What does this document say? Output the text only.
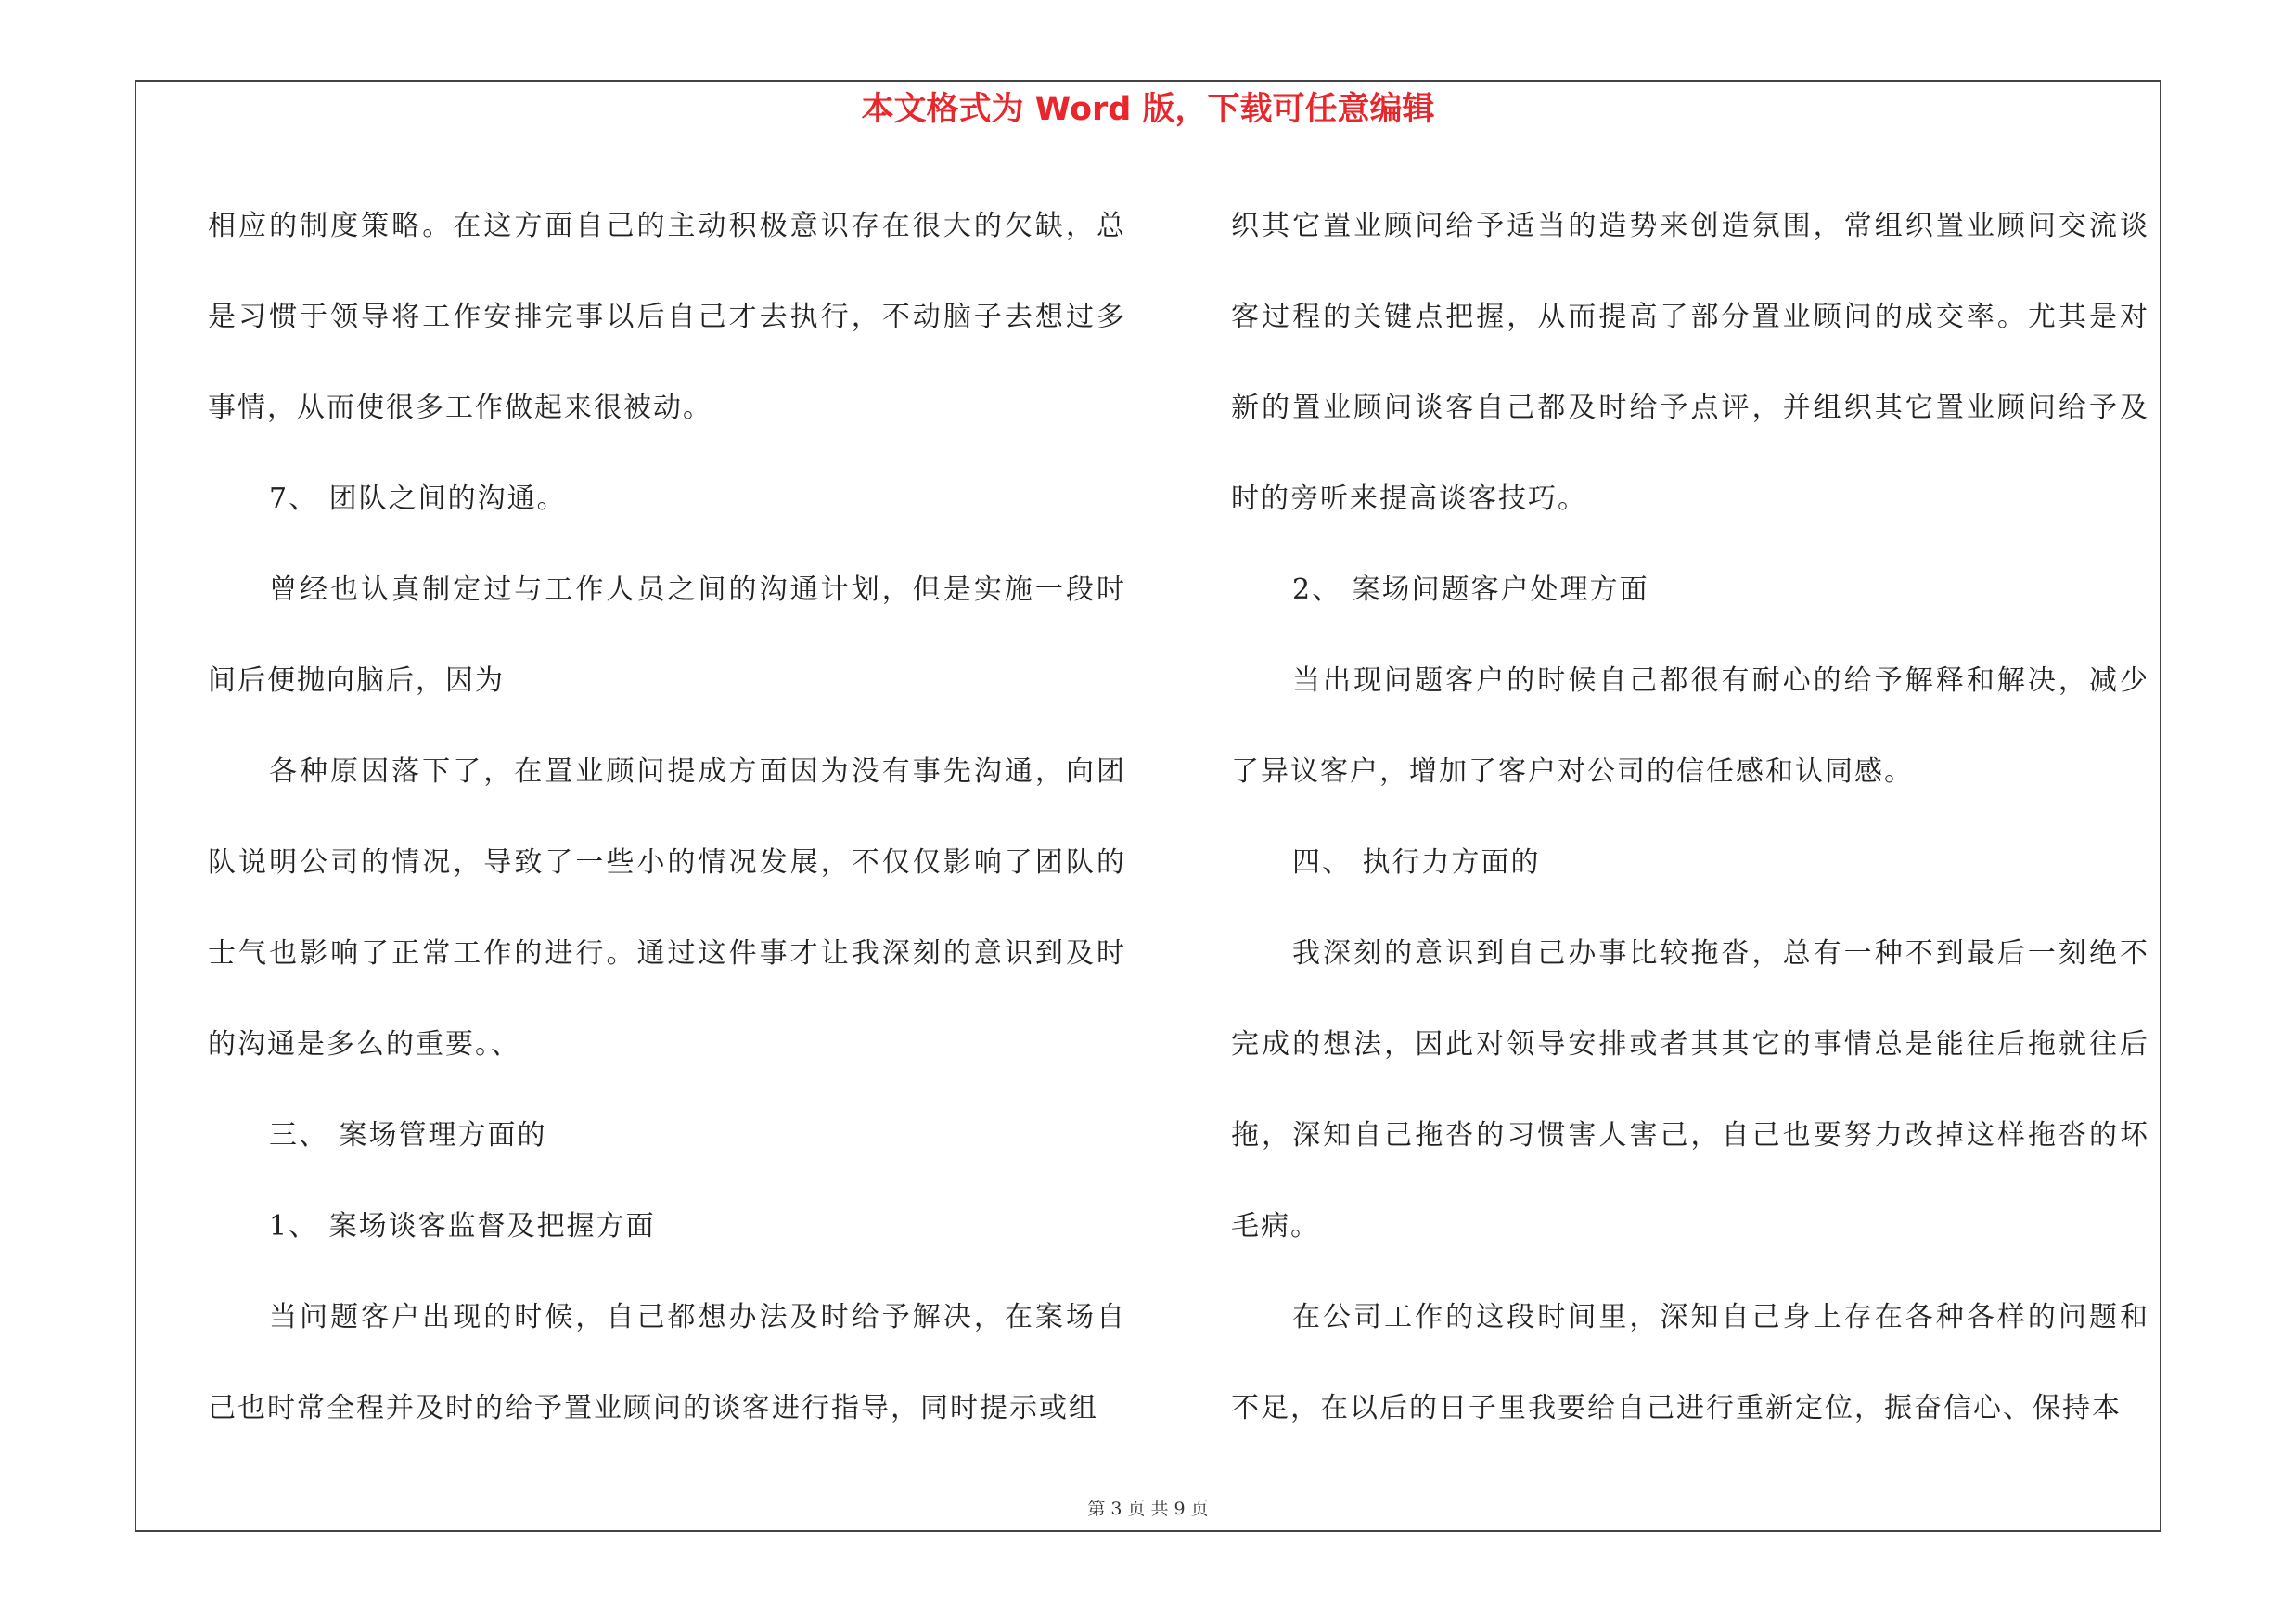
本文格式为 Word 版，下载可任意编辑

相应的制度策略。在这方面自己的主动积极意识存在很大的欠缺，总是习惯于领导将工作安排完事以后自己才去执行，不动脑子去想过多事情，从而使很多工作做起来很被动。

7、 团队之间的沟通。

曾经也认真制定过与工作人员之间的沟通计划，但是实施一段时间后便抛向脑后，因为

各种原因落下了，在置业顾问提成方面因为没有事先沟通，向团队说明公司的情况，导致了一些小的情况发展，不仅仅影响了团队的士气也影响了正常工作的进行。通过这件事才让我深刻的意识到及时的沟通是多么的重要。、

三、 案场管理方面的

1、 案场谈客监督及把握方面

当问题客户出现的时候，自己都想办法及时给予解决，在案场自己也时常全程并及时的给予置业顾问的谈客进行指导，同时提示或组

织其它置业顾问给予适当的造势来创造氛围，常组织置业顾问交流谈客过程的关键点把握，从而提高了部分置业顾问的成交率。尤其是对新的置业顾问谈客自己都及时给予点评，并组织其它置业顾问给予及时的旁听来提高谈客技巧。

2、 案场问题客户处理方面

当出现问题客户的时候自己都很有耐心的给予解释和解决，减少了异议客户，增加了客户对公司的信任感和认同感。

四、 执行力方面的

我深刻的意识到自己办事比较拖沓，总有一种不到最后一刻绝不完成的想法，因此对领导安排或者其其它的事情总是能往后拖就往后拖，深知自己拖沓的习惯害人害己，自己也要努力改掉这样拖沓的坏毛病。

在公司工作的这段时间里，深知自己身上存在各种各样的问题和不足，在以后的日子里我要给自己进行重新定位，振奋信心、保持本

第 3 页 共 9 页
